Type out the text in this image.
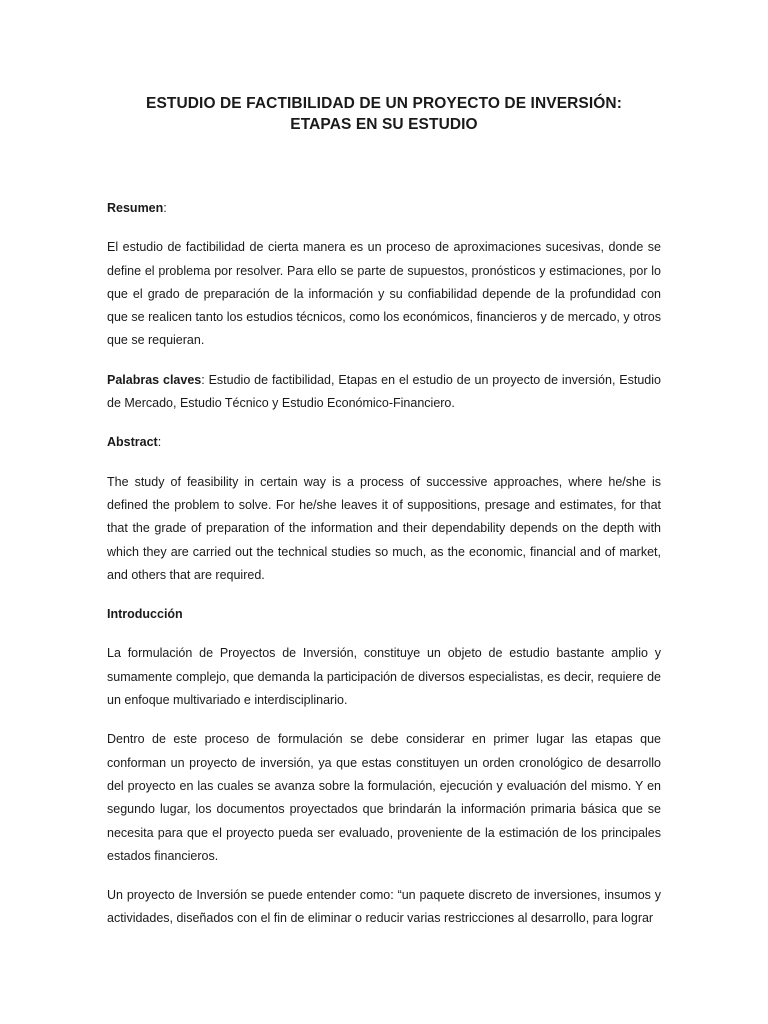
ESTUDIO DE FACTIBILIDAD DE UN PROYECTO DE INVERSIÓN:
ETAPAS EN SU ESTUDIO

Resumen:

El estudio de factibilidad de cierta manera es un proceso de aproximaciones sucesivas, donde se define el problema por resolver. Para ello se parte de supuestos, pronósticos y estimaciones, por lo que el grado de preparación de la información y su confiabilidad depende de la profundidad con que se realicen tanto los estudios técnicos, como los económicos, financieros y de mercado, y otros que se requieran.

Palabras claves: Estudio de factibilidad, Etapas en el estudio de un proyecto de inversión, Estudio de Mercado, Estudio Técnico y Estudio Económico-Financiero.

Abstract:

The study of feasibility in certain way is a process of successive approaches, where he/she is defined the problem to solve. For he/she leaves it of suppositions, presage and estimates, for that that the grade of preparation of the information and their dependability depends on the depth with which they are carried out the technical studies so much, as the economic, financial and of market, and others that are required.

Introducción

La formulación de Proyectos de Inversión, constituye un objeto de estudio bastante amplio y sumamente complejo, que demanda la participación de diversos especialistas, es decir, requiere de un enfoque multivariado e interdisciplinario.

Dentro de este proceso de formulación se debe considerar en primer lugar las etapas que conforman un proyecto de inversión, ya que estas constituyen un orden cronológico de desarrollo del proyecto en las cuales se avanza sobre la formulación, ejecución y evaluación del mismo. Y en segundo lugar, los documentos proyectados que brindarán la información primaria básica que se necesita para que el proyecto pueda ser evaluado, proveniente de la estimación de los principales estados financieros.

Un proyecto de Inversión se puede entender como: “un paquete discreto de inversiones, insumos y actividades, diseñados con el fin de eliminar o reducir varias restricciones al desarrollo, para lograr
